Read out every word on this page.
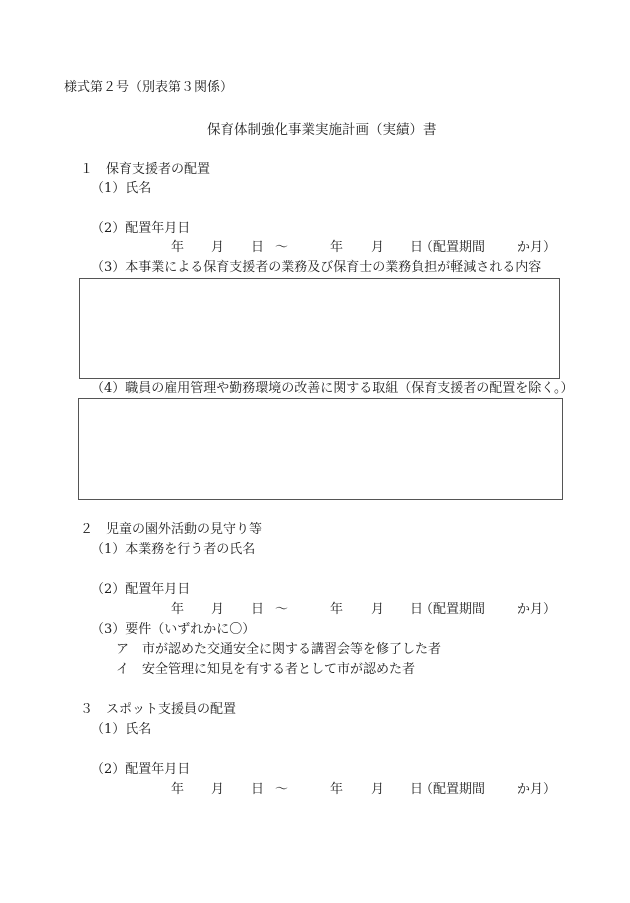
様式第２号（別表第３関係）
保育体制強化事業実施計画（実績）書
１　保育支援者の配置
（1）氏名
（2）配置年月日
年 月 日 ～	年 月 日
（配置期間 か月）
（3）本事業による保育支援者の業務及び保育士の業務負担が軽減される内容
（4）職員の雇用管理や勤務環境の改善に関する取組（保育支援者の配置を除く。）
２　児童の園外活動の見守り等
（1）本業務を行う者の氏名
（2）配置年月日
年 月 日 ～	年 月 日
（配置期間 か月）
（3）要件（いずれかに〇）
ア　市が認めた交通安全に関する講習会等を修了した者
イ　安全管理に知見を有する者として市が認めた者
３　スポット支援員の配置
（1）氏名
（2）配置年月日
年 月 日 ～	年 月 日
（配置期間 か月）
